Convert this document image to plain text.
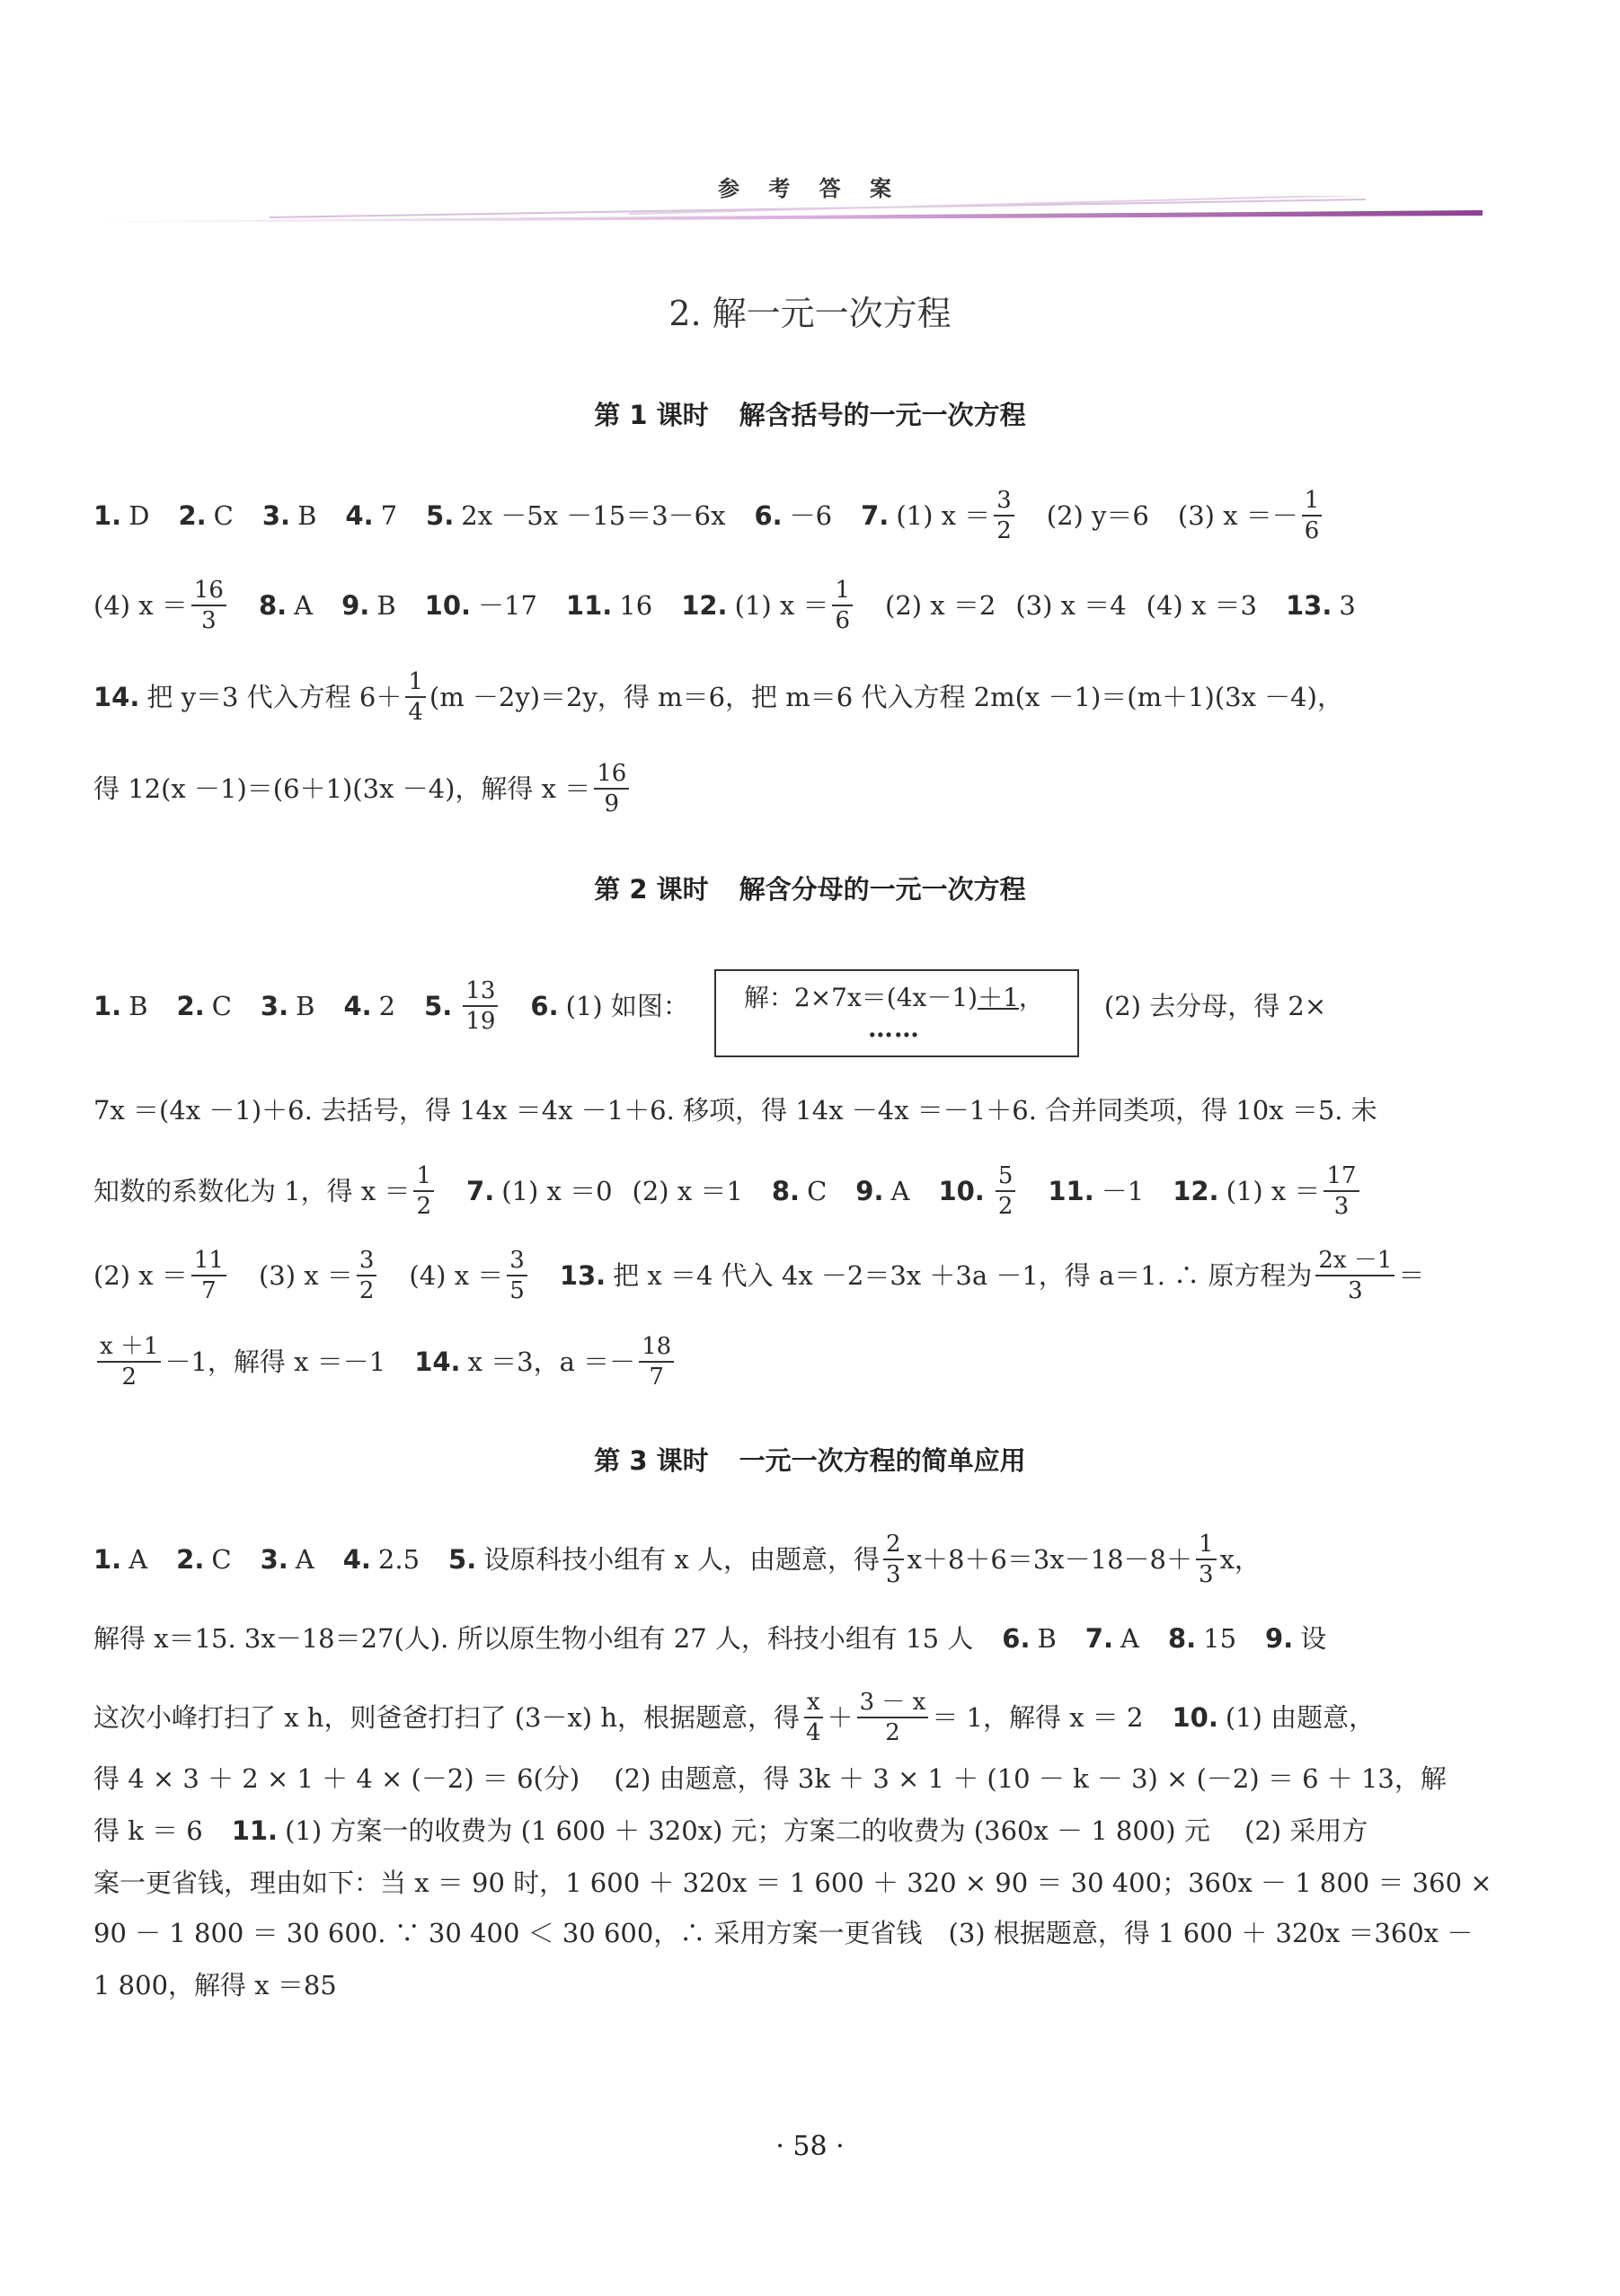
参 考 答 案
2. 解一元一次方程
第 1 课时 解含括号的一元一次方程
1. D 2. C 3. B 4. 7 5. 2x －5x －15＝3－6x 6. －6 7. (1) $x = \frac{3}{2} (2)$ y＝6 (3) $x =- \frac{1}{6}$
(4) $x = \frac{16}{3} 8$. A 9. B 10. －17 11. 16 12. (1) $x = \frac{1}{6} (2)$ x ＝2 (3) x ＝4 (4) x ＝3 13. 3
14. 把 y＝3 代入方程 $6+ \frac{1}{4} (m -2y)=2y$，得 m＝6，把 m＝6 代入方程 2m(x －1)＝(m＋1)(3x －4)，
得 12(x －1)＝(6＋1)(3x －4)，解得 $x = \frac{16}{9}$
第 2 课时 解含分母的一元一次方程
1. B 2. C 3. B 4. 2 5. $\frac{13}{19} 6$. (1) 如图： 解：2×7x＝(4x－1)＋1，
……
(2) 去分母，得 2×
7x ＝(4x －1)＋6. 去括号，得 14x ＝4x －1＋6. 移项，得 14x －4x ＝－1＋6. 合并同类项，得 10x ＝5. 未
知数的系数化为 1，得 $x = \frac{1}{2} 7$. (1) x ＝0 (2) x ＝1 8. C 9. A 10. $\frac{5}{2} 11$. －1 12. (1) $x = \frac{17}{3}$
(2) $x = \frac{11}{7} (3) x = \frac{3}{2} (4) x = \frac{3}{5} 13$. 把 x ＝4 代入 4x －2＝3x ＋3a －1，得 a＝1. ∴ 原方程为 $\frac{2x -1}{3}$ ＝
$\frac{x +1}{2} -1$，解得 x ＝－1 14. x ＝3，$a =- \frac{18}{7}$
第 3 课时 一元一次方程的简单应用
1. A 2. C 3. A 4. 2.5 5. 设原科技小组有 x 人，由题意，得 $\frac{2}{3} x+8+6=3x-18-8+ \frac{1}{3}$ x，
解得 x＝15. 3x－18＝27(人). 所以原生物小组有 27 人，科技小组有 15 人 6. B 7. A 8. 15 9. 设
这次小峰打扫了 x h，则爸爸打扫了 (3－x) h，根据题意，得 $\frac{x}{4} + \frac{3 - x}{2} = 1$，解得 x ＝ 2 10. (1) 由题意，
得 4 × 3 ＋ 2 × 1 ＋ 4 × (－2) ＝ 6(分)　 (2) 由题意，得 3k ＋ 3 × 1 ＋ (10 － k － 3) × (－2) ＝ 6 ＋ 13，解
得 k ＝ 6 11. (1) 方案一的收费为 (1 600 ＋ 320x) 元；方案二的收费为 (360x － 1 800) 元　 (2) 采用方
案一更省钱，理由如下：当 x ＝ 90 时，1 600 ＋ 320x ＝ 1 600 ＋ 320 × 90 ＝ 30 400；360x － 1 800 ＝ 360 ×
90 － 1 800 ＝ 30 600. ∵ 30 400 ＜ 30 600，∴ 采用方案一更省钱　(3) 根据题意，得 1 600 ＋ 320x ＝360x －
1 800，解得 x ＝85
· 58 ·
